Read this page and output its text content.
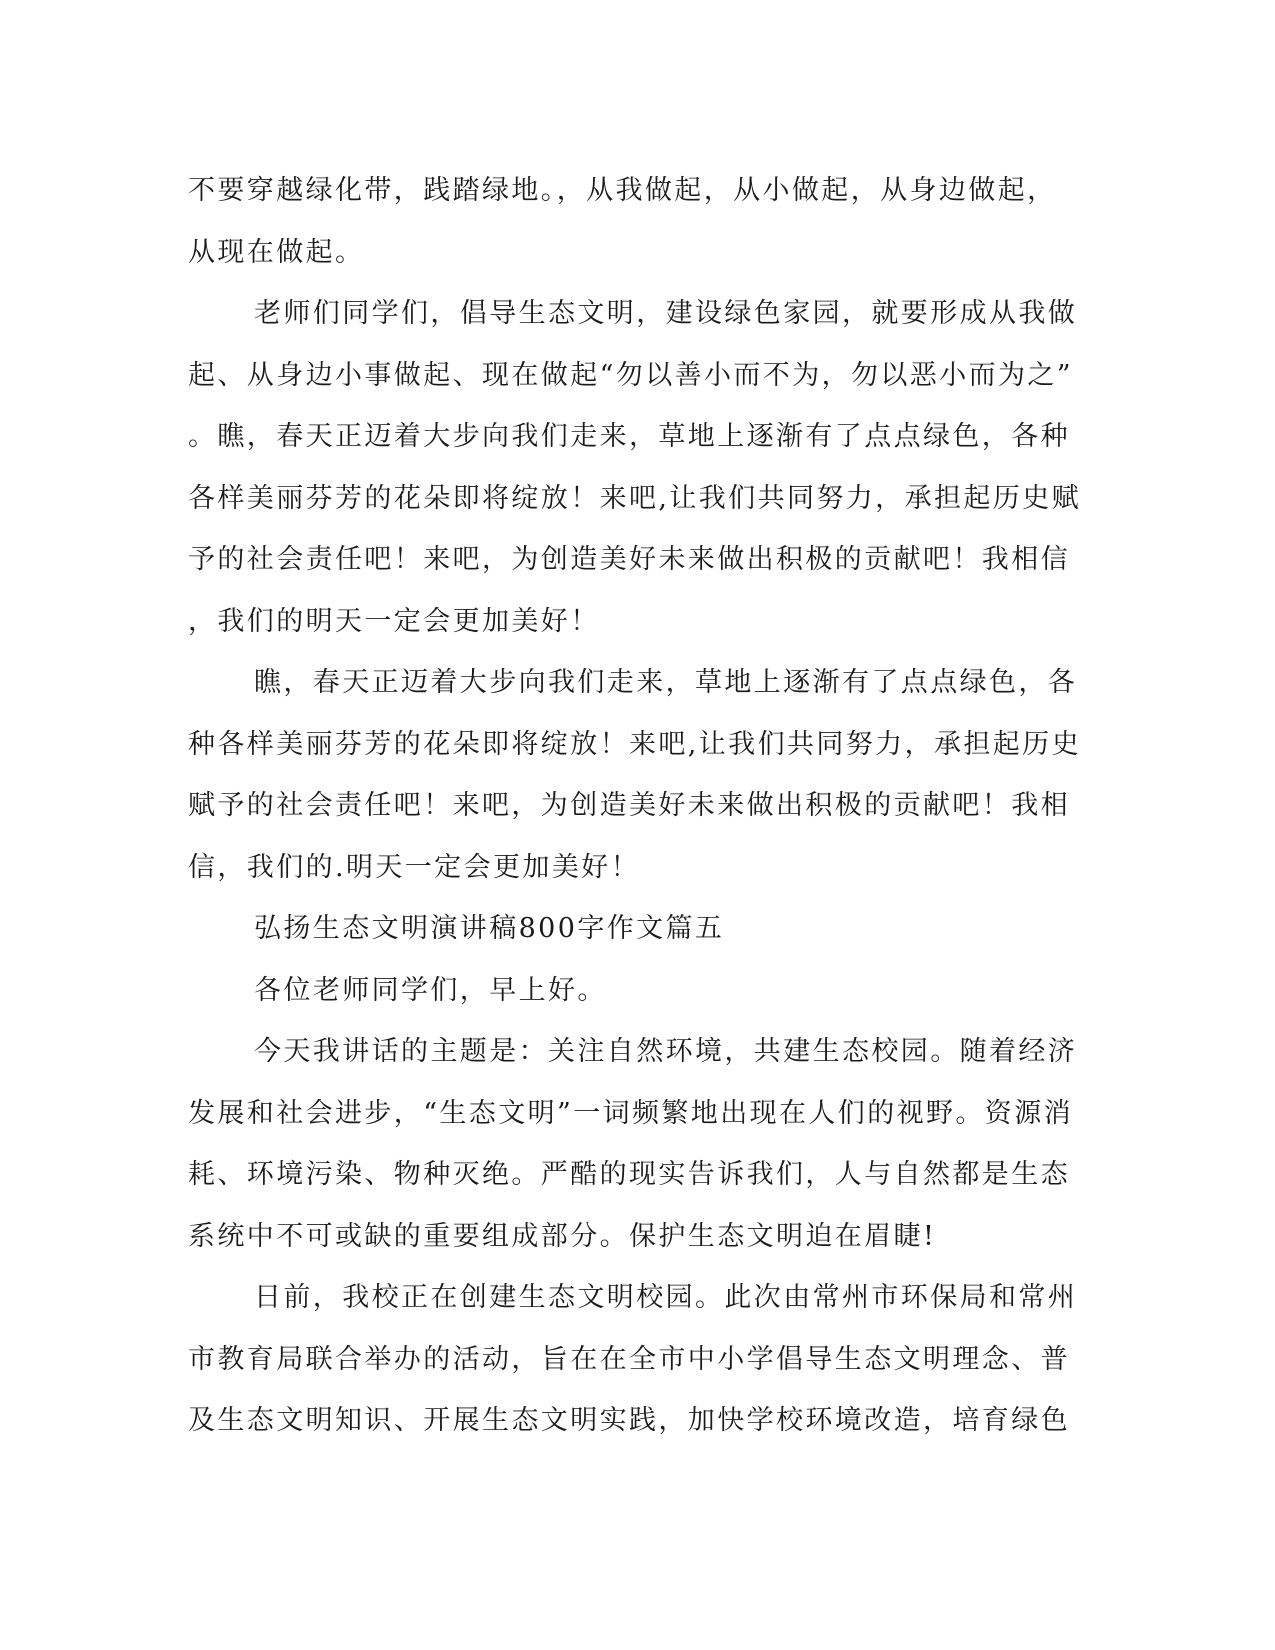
不要穿越绿化带，践踏绿地。，从我做起，从小做起，从身边做起，
从现在做起。

老师们同学们，倡导生态文明，建设绿色家园，就要形成从我做
起、从身边小事做起、现在做起“勿以善小而不为，勿以恶小而为之”
。瞧，春天正迈着大步向我们走来，草地上逐渐有了点点绿色，各种
各样美丽芬芳的花朵即将绽放！来吧,让我们共同努力，承担起历史赋
予的社会责任吧！来吧，为创造美好未来做出积极的贡献吧！我相信
，我们的明天一定会更加美好！

瞧，春天正迈着大步向我们走来，草地上逐渐有了点点绿色，各
种各样美丽芬芳的花朵即将绽放！来吧,让我们共同努力，承担起历史
赋予的社会责任吧！来吧，为创造美好未来做出积极的贡献吧！我相
信，我们的.明天一定会更加美好！

弘扬生态文明演讲稿800字作文篇五

各位老师同学们，早上好。

今天我讲话的主题是：关注自然环境，共建生态校园。随着经济
发展和社会进步，“生态文明”一词频繁地出现在人们的视野。资源消
耗、环境污染、物种灭绝。严酷的现实告诉我们，人与自然都是生态
系统中不可或缺的重要组成部分。保护生态文明迫在眉睫!

日前，我校正在创建生态文明校园。此次由常州市环保局和常州
市教育局联合举办的活动，旨在在全市中小学倡导生态文明理念、普
及生态文明知识、开展生态文明实践，加快学校环境改造，培育绿色
